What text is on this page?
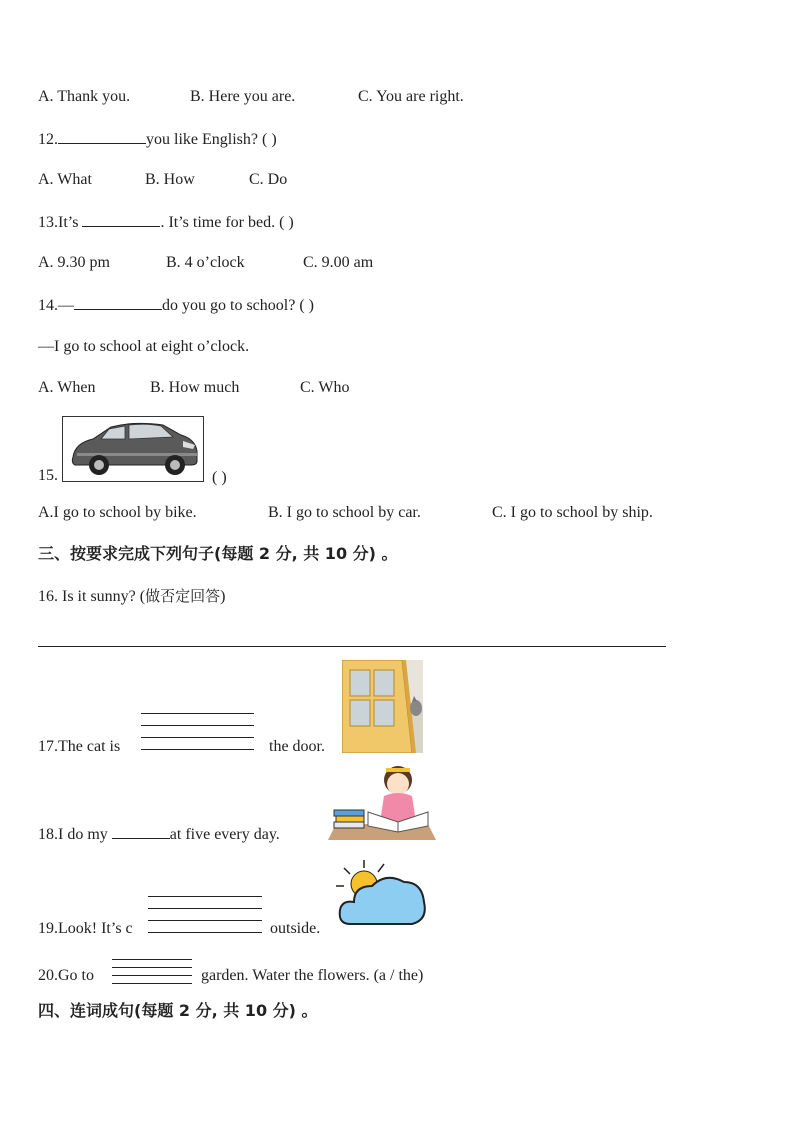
A. Thank you.	B. Here you are.	C. You are right.
12.	you like English? ( )
A. What	B. How	C. Do
13.It’s	. It’s time for bed. ( )
A. 9.30 pm	B. 4 o’clock	C. 9.00 am
14.—	do you go to school? ( )
—I go to school at eight o’clock.
A. When	B. How much	C. Who
15.	( )
A.I go to school by bike.	B. I go to school by car.	C. I go to school by ship.
三、按要求完成下列句子(每题 2 分, 共 10 分) 。
16. Is it sunny? (做否定回答)
17.The cat is	the door.
18.I do my	at five every day.
19.Look! It’s c	outside.
20.Go to	garden. Water the flowers. (a / the)
四、连词成句(每题 2 分, 共 10 分) 。
